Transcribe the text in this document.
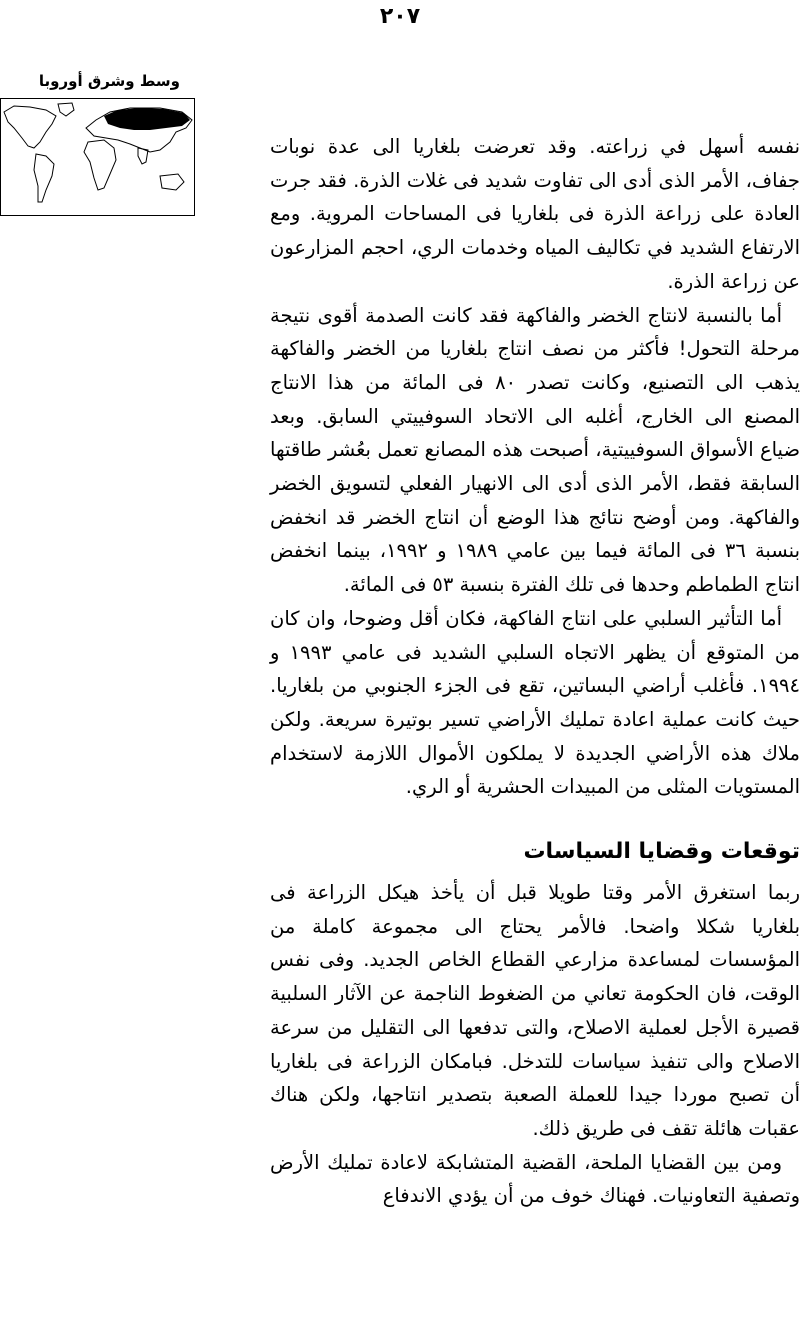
٢٠٧
وسط وشرق أوروبا

نفسه أسهل في زراعته. وقد تعرضت بلغاريا الى عدة نوبات جفاف، الأمر الذى أدى الى تفاوت شديد فى غلات الذرة. فقد جرت العادة على زراعة الذرة فى بلغاريا فى المساحات المروية. ومع الارتفاع الشديد في تكاليف المياه وخدمات الري، احجم المزارعون عن زراعة الذرة.

أما بالنسبة لانتاج الخضر والفاكهة فقد كانت الصدمة أقوى نتيجة مرحلة التحول! فأكثر من نصف انتاج بلغاريا من الخضر والفاكهة يذهب الى التصنيع، وكانت تصدر ٨٠ فى المائة من هذا الانتاج المصنع الى الخارج، أغلبه الى الاتحاد السوفييتي السابق. وبعد ضياع الأسواق السوفييتية، أصبحت هذه المصانع تعمل بعُشر طاقتها السابقة فقط، الأمر الذى أدى الى الانهيار الفعلي لتسويق الخضر والفاكهة. ومن أوضح نتائج هذا الوضع أن انتاج الخضر قد انخفض بنسبة ٣٦ فى المائة فيما بين عامي ١٩٨٩ و ١٩٩٢، بينما انخفض انتاج الطماطم وحدها فى تلك الفترة بنسبة ٥٣ فى المائة.

أما التأثير السلبي على انتاج الفاكهة، فكان أقل وضوحا، وان كان من المتوقع أن يظهر الاتجاه السلبي الشديد فى عامي ١٩٩٣ و ١٩٩٤. فأغلب أراضي البساتين، تقع فى الجزء الجنوبي من بلغاريا. حيث كانت عملية اعادة تمليك الأراضي تسير بوتيرة سريعة. ولكن ملاك هذه الأراضي الجديدة لا يملكون الأموال اللازمة لاستخدام المستويات المثلى من المبيدات الحشرية أو الري.

توقعات وقضايا السياسات

ربما استغرق الأمر وقتا طويلا قبل أن يأخذ هيكل الزراعة فى بلغاريا شكلا واضحا. فالأمر يحتاج الى مجموعة كاملة من المؤسسات لمساعدة مزارعي القطاع الخاص الجديد. وفى نفس الوقت، فان الحكومة تعاني من الضغوط الناجمة عن الآثار السلبية قصيرة الأجل لعملية الاصلاح، والتى تدفعها الى التقليل من سرعة الاصلاح والى تنفيذ سياسات للتدخل. فبامكان الزراعة فى بلغاريا أن تصبح موردا جيدا للعملة الصعبة بتصدير انتاجها، ولكن هناك عقبات هائلة تقف فى طريق ذلك.

ومن بين القضايا الملحة، القضية المتشابكة لاعادة تمليك الأرض وتصفية التعاونيات. فهناك خوف من أن يؤدي الاندفاع
